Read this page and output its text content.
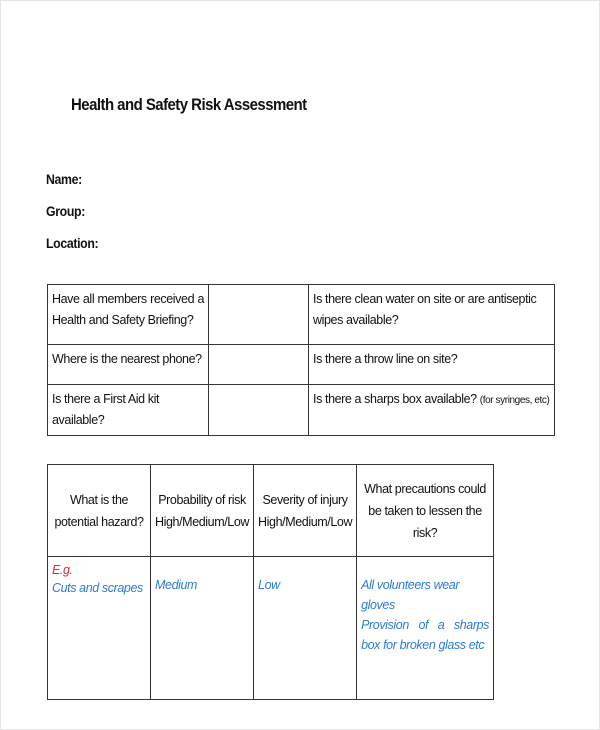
Health and Safety Risk Assessment
Name:
Group:
Location:
Have all members received a Health and Safety Briefing?		Is there clean water on site or are antiseptic wipes available?
Where is the nearest phone?		Is there a throw line on site?
Is there a First Aid kit available?		Is there a sharps box available? (for syringes, etc)
What is the potential hazard?	Probability of risk High/Medium/Low	Severity of injury High/Medium/Low	What precautions could be taken to lessen the risk?

E.g.
Cuts and scrapes	Medium	Low	All volunteers wear gloves
Provision of a sharps box for broken glass etc
